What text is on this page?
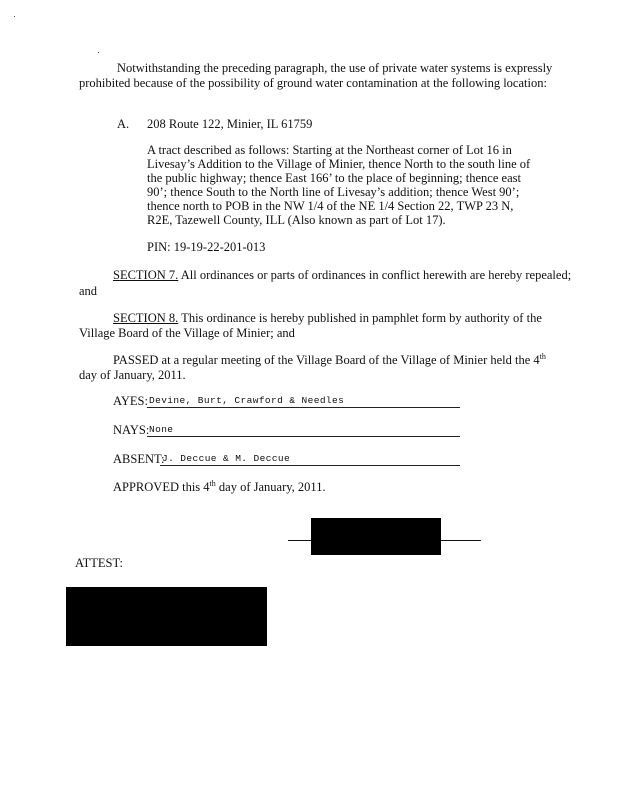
Notwithstanding the preceding paragraph, the use of private water systems is expressly
prohibited because of the possibility of ground water contamination at the following location:
A. 208 Route 122, Minier, IL 61759
A tract described as follows: Starting at the Northeast corner of Lot 16 in
Livesay’s Addition to the Village of Minier, thence North to the south line of
the public highway; thence East 166’ to the place of beginning; thence east
90’; thence South to the North line of Livesay’s addition; thence West 90’;
thence north to POB in the NW 1/4 of the NE 1/4 Section 22, TWP 23 N,
R2E, Tazewell County, ILL (Also known as part of Lot 17).
PIN: 19-19-22-201-013
SECTION 7. All ordinances or parts of ordinances in conflict herewith are hereby repealed;
and
SECTION 8. This ordinance is hereby published in pamphlet form by authority of the
Village Board of the Village of Minier; and
PASSED at a regular meeting of the Village Board of the Village of Minier held the 4th
day of January, 2011.
AYES: Devine, Burt, Crawford & Needles
NAYS: None
ABSENT:
J. Deccue & M. Deccue
APPROVED this 4th day of January, 2011.
ATTEST:
